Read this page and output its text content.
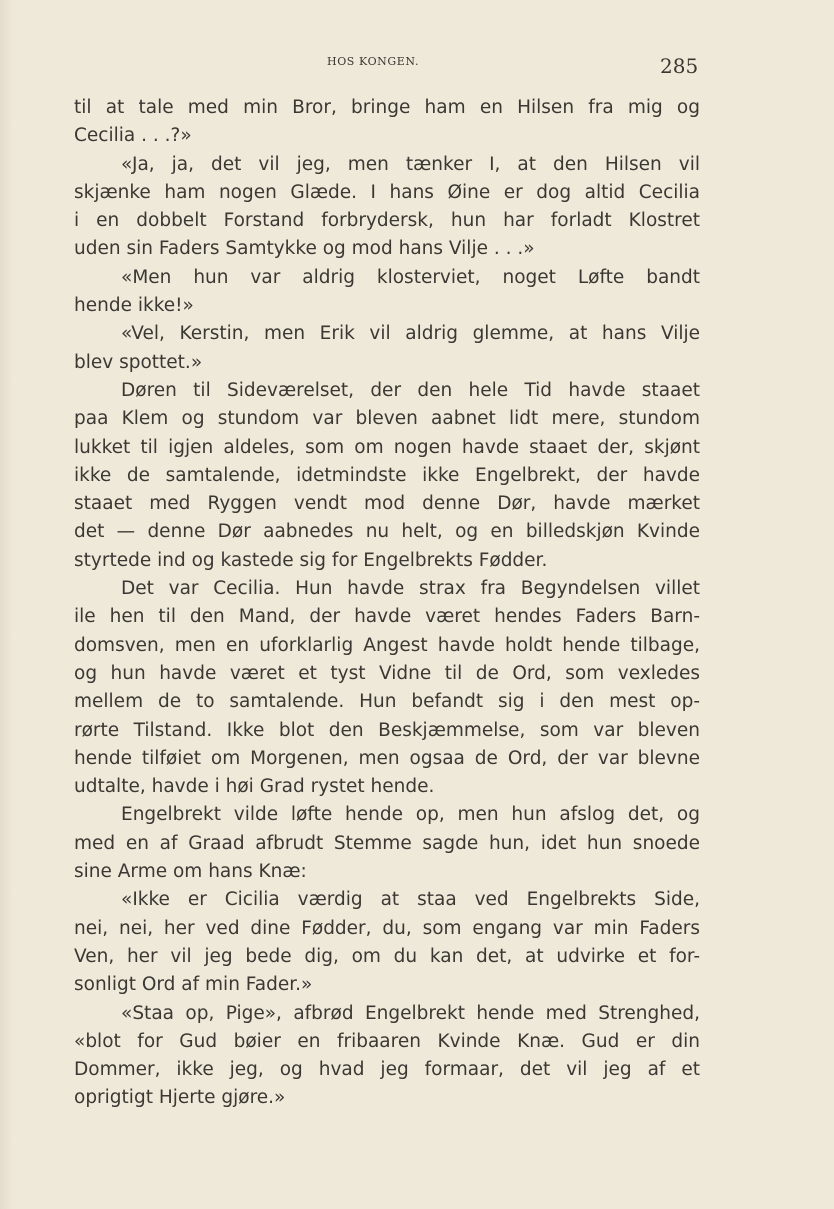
HOS KONGEN.	285
til at tale med min Bror, bringe ham en Hilsen fra mig og
Cecilia . . .?»
«Ja, ja, det vil jeg, men tænker I, at den Hilsen vil
skjænke ham nogen Glæde. I hans Øine er dog altid Cecilia
i en dobbelt Forstand forbrydersk, hun har forladt Klostret
uden sin Faders Samtykke og mod hans Vilje . . .»
«Men hun var aldrig klosterviet, noget Løfte bandt
hende ikke!»
«Vel, Kerstin, men Erik vil aldrig glemme, at hans Vilje
blev spottet.»
Døren til Sideværelset, der den hele Tid havde staaet
paa Klem og stundom var bleven aabnet lidt mere, stundom
lukket til igjen aldeles, som om nogen havde staaet der, skjønt
ikke de samtalende, idetmindste ikke Engelbrekt, der havde
staaet med Ryggen vendt mod denne Dør, havde mærket
det — denne Dør aabnedes nu helt, og en billedskjøn Kvinde
styrtede ind og kastede sig for Engelbrekts Fødder.
Det var Cecilia. Hun havde strax fra Begyndelsen villet
ile hen til den Mand, der havde været hendes Faders Barn-
domsven, men en uforklarlig Angest havde holdt hende tilbage,
og hun havde været et tyst Vidne til de Ord, som vexledes
mellem de to samtalende. Hun befandt sig i den mest op-
rørte Tilstand. Ikke blot den Beskjæmmelse, som var bleven
hende tilføiet om Morgenen, men ogsaa de Ord, der var blevne
udtalte, havde i høi Grad rystet hende.
Engelbrekt vilde løfte hende op, men hun afslog det, og
med en af Graad afbrudt Stemme sagde hun, idet hun snoede
sine Arme om hans Knæ:
«Ikke er Cicilia værdig at staa ved Engelbrekts Side,
nei, nei, her ved dine Fødder, du, som engang var min Faders
Ven, her vil jeg bede dig, om du kan det, at udvirke et for-
sonligt Ord af min Fader.»
«Staa op, Pige», afbrød Engelbrekt hende med Strenghed,
«blot for Gud bøier en fribaaren Kvinde Knæ. Gud er din
Dommer, ikke jeg, og hvad jeg formaar, det vil jeg af et
oprigtigt Hjerte gjøre.»
